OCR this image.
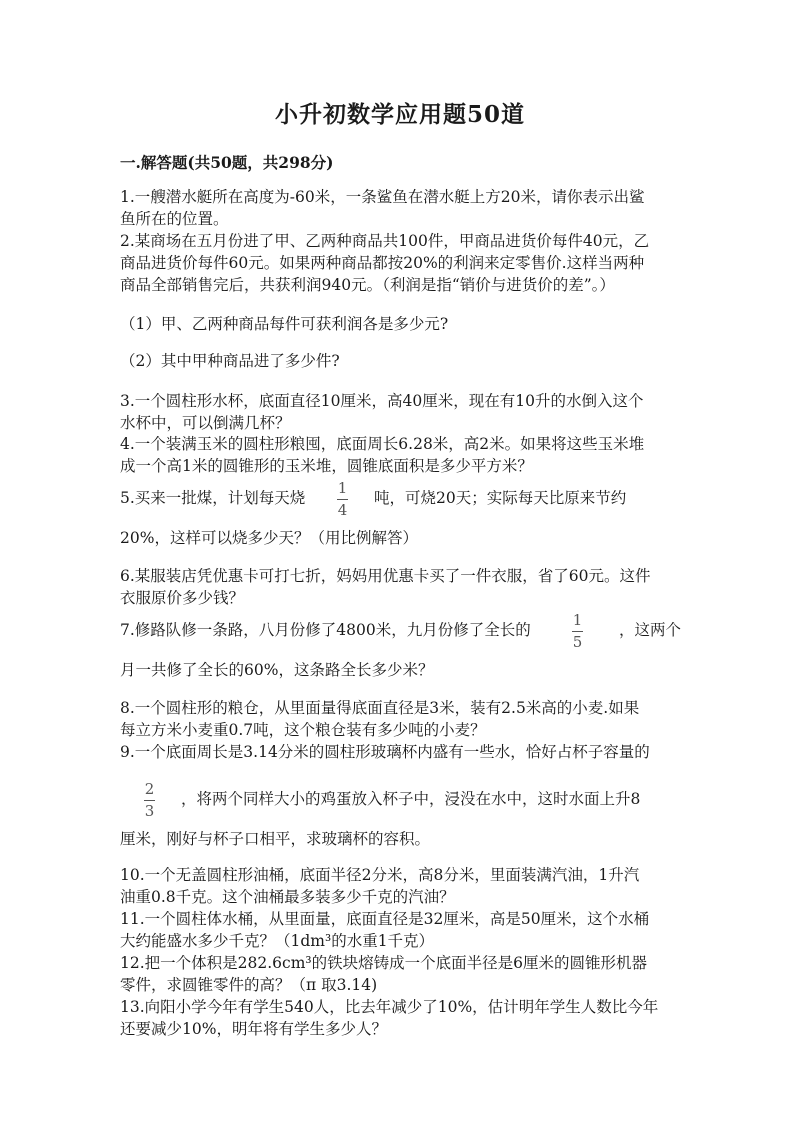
小升初数学应用题50道
一.解答题(共50题，共298分)
1.一艘潜水艇所在高度为-60米，一条鲨鱼在潜水艇上方20米，请你表示出鲨
鱼所在的位置。
2.某商场在五月份进了甲、乙两种商品共100件，甲商品进货价每件40元，乙
商品进货价每件60元。如果两种商品都按20%的利润来定零售价.这样当两种
商品全部销售完后，共获利润940元。（利润是指“销价与进货价的差”。）
（1）甲、乙两种商品每件可获利润各是多少元?
（2）其中甲种商品进了多少件?
3.一个圆柱形水杯，底面直径10厘米，高40厘米，现在有10升的水倒入这个
水杯中，可以倒满几杯？
4.一个装满玉米的圆柱形粮囤，底面周长6.28米，高2米。如果将这些玉米堆
成一个高1米的圆锥形的玉米堆，圆锥底面积是多少平方米？
5.买来一批煤，计划每天烧	吨，可烧20天；实际每天比原来节约
1
4
20%，这样可以烧多少天？（用比例解答）
6.某服装店凭优惠卡可打七折，妈妈用优惠卡买了一件衣服，省了60元。这件
衣服原价多少钱？
7.修路队修一条路，八月份修了4800米，九月份修了全长的	，这两个
1
5
月一共修了全长的60%，这条路全长多少米？
8.一个圆柱形的粮仓，从里面量得底面直径是3米，装有2.5米高的小麦.如果
每立方米小麦重0.7吨，这个粮仓装有多少吨的小麦？
9.一个底面周长是3.14分米的圆柱形玻璃杯内盛有一些水，恰好占杯子容量的
2
3
，将两个同样大小的鸡蛋放入杯子中，浸没在水中，这时水面上升8
厘米，刚好与杯子口相平，求玻璃杯的容积。
10.一个无盖圆柱形油桶，底面半径2分米，高8分米，里面装满汽油，1升汽
油重0.8千克。这个油桶最多装多少千克的汽油？
11.一个圆柱体水桶，从里面量，底面直径是32厘米，高是50厘米，这个水桶
大约能盛水多少千克？（1dm³的水重1千克）
12.把一个体积是282.6cm³的铁块熔铸成一个底面半径是6厘米的圆锥形机器
零件，求圆锥零件的高？（π 取3.14)
13.向阳小学今年有学生540人，比去年减少了10%，估计明年学生人数比今年
还要减少10%，明年将有学生多少人？
